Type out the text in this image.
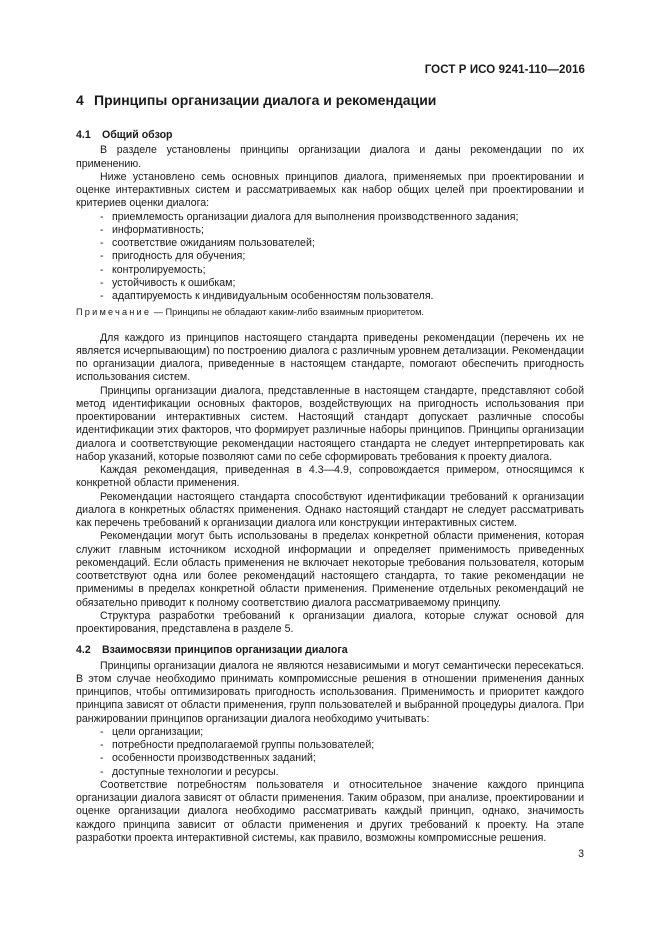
ГОСТ Р ИСО 9241-110—2016
4 Принципы организации диалога и рекомендации
4.1 Общий обзор

В разделе установлены принципы организации диалога и даны рекомендации по их применению.

Ниже установлено семь основных принципов диалога, применяемых при проектировании и оценке интерактивных систем и рассматриваемых как набор общих целей при проектировании и критериев оценки диалога:

- приемлемость организации диалога для выполнения производственного задания;
- информативность;
- соответствие ожиданиям пользователей;
- пригодность для обучения;
- контролируемость;
- устойчивость к ошибкам;
- адаптируемость к индивидуальным особенностям пользователя.

Примечание — Принципы не обладают каким-либо взаимным приоритетом.

Для каждого из принципов настоящего стандарта приведены рекомендации (перечень их не является исчерпывающим) по построению диалога с различным уровнем детализации. Рекомендации по организации диалога, приведенные в настоящем стандарте, помогают обеспечить пригодность использования систем.

Принципы организации диалога, представленные в настоящем стандарте, представляют собой метод идентификации основных факторов, воздействующих на пригодность использования при проектировании интерактивных систем. Настоящий стандарт допускает различные способы идентификации этих факторов, что формирует различные наборы принципов. Принципы организации диалога и соответствующие рекомендации настоящего стандарта не следует интерпретировать как набор указаний, которые позволяют сами по себе сформировать требования к проекту диалога.

Каждая рекомендация, приведенная в 4.3—4.9, сопровождается примером, относящимся к конкретной области применения.

Рекомендации настоящего стандарта способствуют идентификации требований к организации диалога в конкретных областях применения. Однако настоящий стандарт не следует рассматривать как перечень требований к организации диалога или конструкции интерактивных систем.

Рекомендации могут быть использованы в пределах конкретной области применения, которая служит главным источником исходной информации и определяет применимость приведенных рекомендаций. Если область применения не включает некоторые требования пользователя, которым соответствуют одна или более рекомендаций настоящего стандарта, то такие рекомендации не применимы в пределах конкретной области применения. Применение отдельных рекомендаций не обязательно приводит к полному соответствию диалога рассматриваемому принципу.

Структура разработки требований к организации диалога, которые служат основой для проектирования, представлена в разделе 5.

4.2 Взаимосвязи принципов организации диалога

Принципы организации диалога не являются независимыми и могут семантически пересекаться. В этом случае необходимо принимать компромиссные решения в отношении применения данных принципов, чтобы оптимизировать пригодность использования. Применимость и приоритет каждого принципа зависят от области применения, групп пользователей и выбранной процедуры диалога. При ранжировании принципов организации диалога необходимо учитывать:

- цели организации;
- потребности предполагаемой группы пользователей;
- особенности производственных заданий;
- доступные технологии и ресурсы.

Соответствие потребностям пользователя и относительное значение каждого принципа организации диалога зависят от области применения. Таким образом, при анализе, проектировании и оценке организации диалога необходимо рассматривать каждый принцип, однако, значимость каждого принципа зависит от области применения и других требований к проекту. На этапе разработки проекта интерактивной системы, как правило, возможны компромиссные решения.

3
